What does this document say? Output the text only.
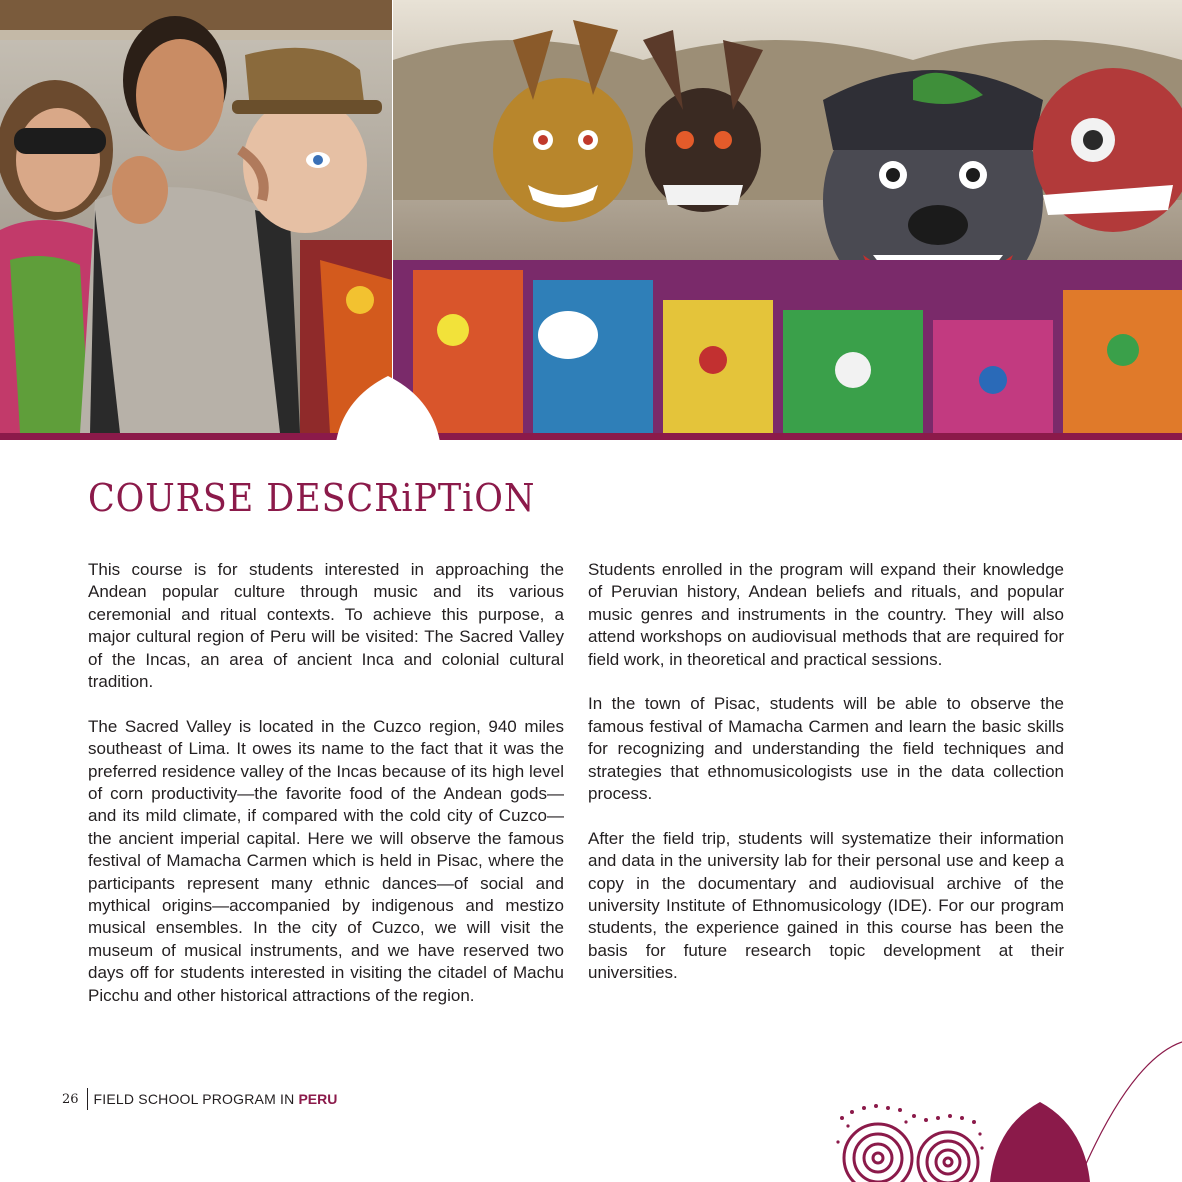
COURSE DESCRiPTiON

This course is for students interested in approaching the Andean popular culture through music and its various ceremonial and ritual contexts. To achieve this purpose, a major cultural region of Peru will be visited: The Sacred Valley of the Incas, an area of ancient Inca and colonial cultural tradition.

The Sacred Valley is located in the Cuzco region, 940 miles southeast of Lima. It owes its name to the fact that it was the preferred residence valley of the Incas because of its high level of corn productivity—the favorite food of the Andean gods—and its mild climate, if compared with the cold city of Cuzco—the ancient imperial capital. Here we will observe the famous festival of Mamacha Carmen which is held in Pisac, where the participants represent many ethnic dances—of social and mythical origins—accompanied by indigenous and mestizo musical ensembles. In the city of Cuzco, we will visit the museum of musical instruments, and we have reserved two days off for students interested in visiting the citadel of Machu Picchu and other historical attractions of the region.

Students enrolled in the program will expand their knowledge of Peruvian history, Andean beliefs and rituals, and popular music genres and instruments in the country. They will also attend workshops on audiovisual methods that are required for field work, in theoretical and practical sessions.

In the town of Pisac, students will be able to observe the famous festival of Mamacha Carmen and learn the basic skills for recognizing and understanding the field techniques and strategies that ethnomusicologists use in the data collection process.

After the field trip, students will systematize their information and data in the university lab for their personal use and keep a copy in the documentary and audiovisual archive of the university Institute of Ethnomusicology (IDE). For our program students, the experience gained in this course has been the basis for future research topic development at their universities.

26 FIELD SCHOOL PROGRAM IN PERU
